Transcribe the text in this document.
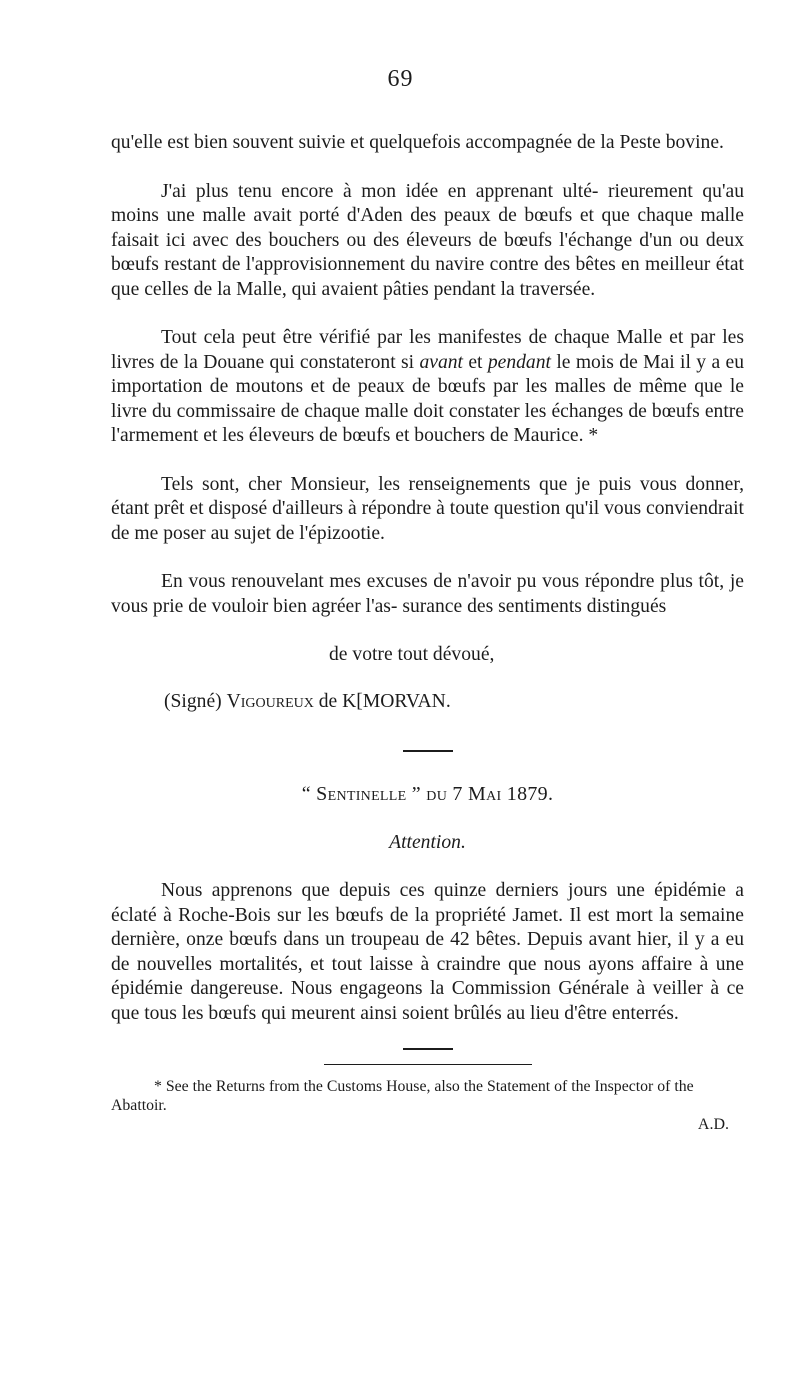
69

qu'elle est bien souvent suivie et quelquefois accompagnée de la Peste bovine.

J'ai plus tenu encore à mon idée en apprenant ulté- rieurement qu'au moins une malle avait porté d'Aden des peaux de bœufs et que chaque malle faisait ici avec des bouchers ou des éleveurs de bœufs l'échange d'un ou deux bœufs restant de l'approvisionnement du navire contre des bêtes en meilleur état que celles de la Malle, qui avaient pâties pendant la traversée.

Tout cela peut être vérifié par les manifestes de chaque Malle et par les livres de la Douane qui constateront si avant et pendant le mois de Mai il y a eu importation de moutons et de peaux de bœufs par les malles de même que le livre du commissaire de chaque malle doit constater les échanges de bœufs entre l'armement et les éleveurs de bœufs et bouchers de Maurice. *

Tels sont, cher Monsieur, les renseignements que je puis vous donner, étant prêt et disposé d'ailleurs à répondre à toute question qu'il vous conviendrait de me poser au sujet de l'épizootie.

En vous renouvelant mes excuses de n'avoir pu vous répondre plus tôt, je vous prie de vouloir bien agréer l'as- surance des sentiments distingués

de votre tout dévoué,

(Signé) Vigoureux de K[MORVAN.

“ Sentinelle ” du 7 Mai 1879.

Attention.

Nous apprenons que depuis ces quinze derniers jours une épidémie a éclaté à Roche-Bois sur les bœufs de la propriété Jamet. Il est mort la semaine dernière, onze bœufs dans un troupeau de 42 bêtes. Depuis avant hier, il y a eu de nouvelles mortalités, et tout laisse à craindre que nous ayons affaire à une épidémie dangereuse. Nous engageons la Commission Générale à veiller à ce que tous les bœufs qui meurent ainsi soient brûlés au lieu d'être enterrés.

* See the Returns from the Customs House, also the Statement of the Inspector of the Abattoir.
A.D.
